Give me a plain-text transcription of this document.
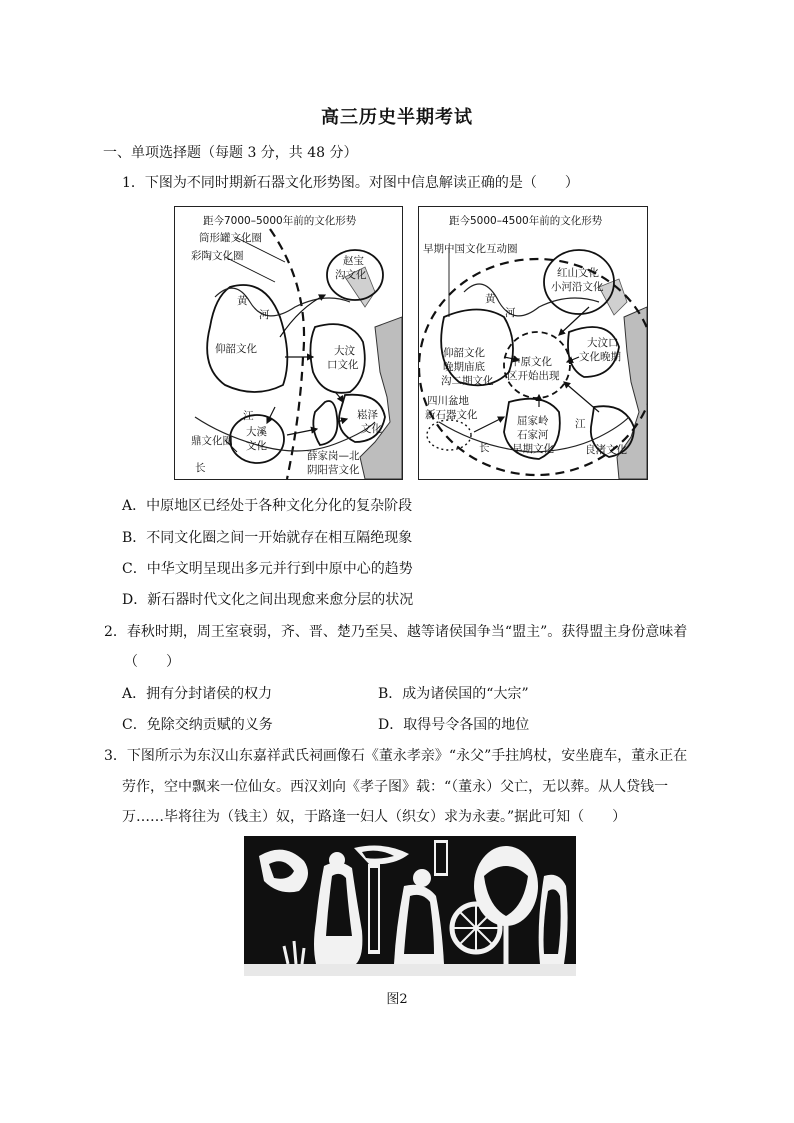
高三历史半期考试
一、单项选择题（每题 3 分，共 48 分）
1．下图为不同时期新石器文化形势图。对图中信息解读正确的是（　　）
距今7000–5000年前的文化形势
筒形罐文化圈
彩陶文化圈	赵宝
沟文化
黄
河
仰韶文化	大汶
口文化
江	崧泽
文化
大溪
文化
鼎文化圈
薛家岗—北
阴阳营文化
长
距今5000–4500年前的文化形势
早期中国文化互动圈
红山文化
小河沿文化
黄
河
大汶口
文化晚期
仰韶文化
晚期庙底
沟二期文化
中原文化
区开始出现
四川盆地
新石器文化	屈家岭
石家河
早期文化
江
长	良渚文化
A．中原地区已经处于各种文化分化的复杂阶段
B．不同文化圈之间一开始就存在相互隔绝现象
C．中华文明呈现出多元并行到中原中心的趋势
D．新石器时代文化之间出现愈来愈分层的状况
2．春秋时期，周王室衰弱，齐、晋、楚乃至吴、越等诸侯国争当“盟主”。获得盟主身份意味着
（　　）
A．拥有分封诸侯的权力	B．成为诸侯国的“大宗”
C．免除交纳贡赋的义务	D．取得号令各国的地位
3．下图所示为东汉山东嘉祥武氏祠画像石《董永孝亲》“永父”手拄鸠杖，安坐鹿车，董永正在
劳作，空中飘来一位仙女。西汉刘向《孝子图》载：“（董永）父亡，无以葬。从人贷钱一
万……毕将往为（钱主）奴，于路逢一妇人（织女）求为永妻。”据此可知（　　）
图2
